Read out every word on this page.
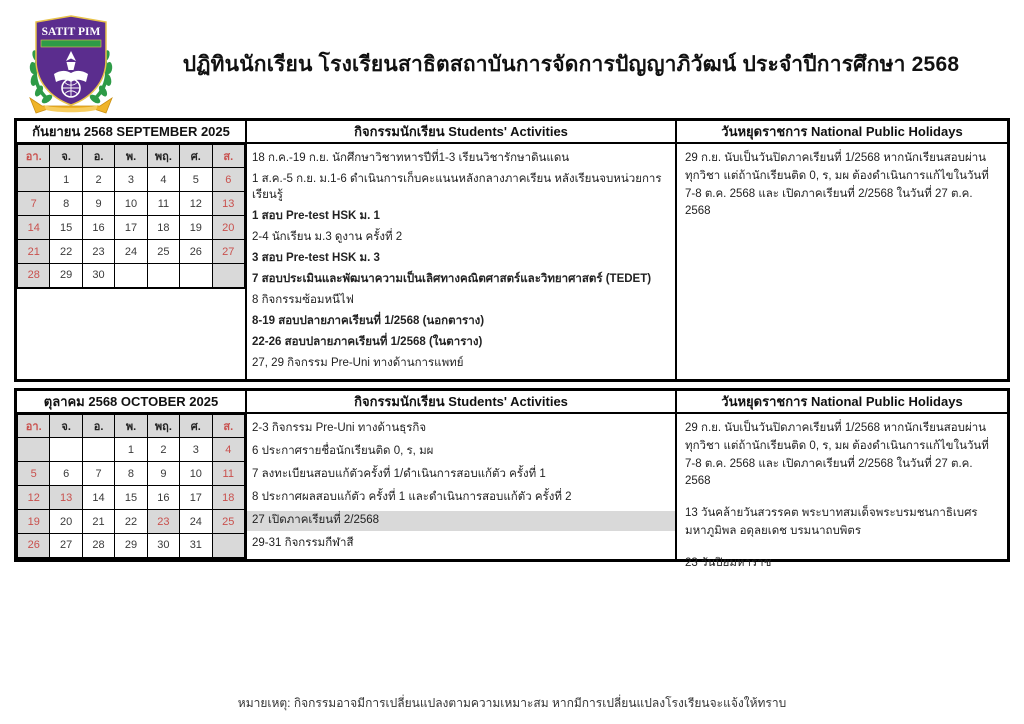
SATIT PIM
ปฏิทินนักเรียน โรงเรียนสาธิตสถาบันการจัดการปัญญาภิวัฒน์ ประจำปีการศึกษา 2568
กันยายน 2568 SEPTEMBER 2025
อา.	จ.	อ.	พ.	พฤ.	ศ.	ส.
	1	2	3	4	5	6
7	8	9	10	11	12	13
14	15	16	17	18	19	20
21	22	23	24	25	26	27
28	29	30				
กิจกรรมนักเรียน Students' Activities
18 ก.ค.-19 ก.ย. นักศึกษาวิชาทหารปีที่1-3 เรียนวิชารักษาดินแดน
1 ส.ค.-5 ก.ย. ม.1-6 ดำเนินการเก็บคะแนนหลังกลางภาคเรียน หลังเรียนจบหน่วยการเรียนรู้
1 สอบ Pre-test HSK ม. 1
2-4 นักเรียน ม.3 ดูงาน ครั้งที่ 2
3 สอบ Pre-test HSK ม. 3
7 สอบประเมินและพัฒนาความเป็นเลิศทางคณิตศาสตร์และวิทยาศาสตร์ (TEDET)
8 กิจกรรมซ้อมหนีไฟ
8-19 สอบปลายภาคเรียนที่ 1/2568 (นอกตาราง)
22-26 สอบปลายภาคเรียนที่ 1/2568 (ในตาราง)
27, 29 กิจกรรม Pre-Uni ทางด้านการแพทย์
วันหยุดราชการ National Public Holidays

29 ก.ย. นับเป็นวันปิดภาคเรียนที่ 1/2568 หากนักเรียนสอบผ่านทุกวิชา แต่ถ้านักเรียนติด 0, ร, มผ ต้องดำเนินการแก้ไขในวันที่ 7-8 ต.ค. 2568 และ เปิดภาคเรียนที่ 2/2568 ในวันที่ 27 ต.ค. 2568

ตุลาคม 2568 OCTOBER 2025
อา.	จ.	อ.	พ.	พฤ.	ศ.	ส.
			1	2	3	4
5	6	7	8	9	10	11
12	13	14	15	16	17	18
19	20	21	22	23	24	25
26	27	28	29	30	31	
กิจกรรมนักเรียน Students' Activities
2-3 กิจกรรม Pre-Uni ทางด้านธุรกิจ
6 ประกาศรายชื่อนักเรียนติด 0, ร, มผ
7 ลงทะเบียนสอบแก้ตัวครั้งที่ 1/ดำเนินการสอบแก้ตัว ครั้งที่ 1
8 ประกาศผลสอบแก้ตัว ครั้งที่ 1 และดำเนินการสอบแก้ตัว ครั้งที่ 2
27 เปิดภาคเรียนที่ 2/2568
29-31 กิจกรรมกีฬาสี
วันหยุดราชการ National Public Holidays

29 ก.ย. นับเป็นวันปิดภาคเรียนที่ 1/2568 หากนักเรียนสอบผ่านทุกวิชา แต่ถ้านักเรียนติด 0, ร, มผ ต้องดำเนินการแก้ไขในวันที่ 7-8 ต.ค. 2568 และ เปิดภาคเรียนที่ 2/2568 ในวันที่ 27 ต.ค. 2568

13 วันคล้ายวันสวรรคต พระบาทสมเด็จพระบรมชนกาธิเบศรมหาภูมิพล อดุลยเดช บรมนาถบพิตร

23 วันปิยมหาราช

หมายเหตุ: กิจกรรมอาจมีการเปลี่ยนแปลงตามความเหมาะสม หากมีการเปลี่ยนแปลงโรงเรียนจะแจ้งให้ทราบ
